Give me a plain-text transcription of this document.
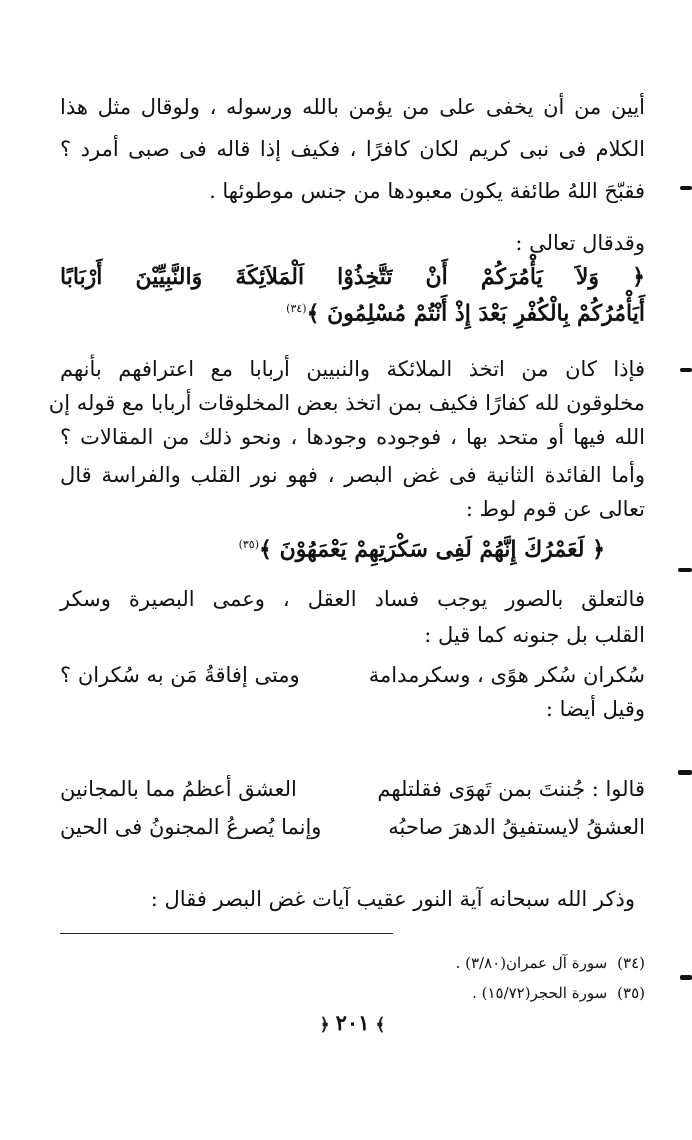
أيين من أن يخفى على من يؤمن بالله ورسوله ، ولوقال مثل هذا
الكلام فى نبى كريم لكان كافرًا ، فكيف إذا قاله فى صبى أمرد ؟
فقبّحَ اللهُ طائفة يكون معبودها من جنس موطوئها .
وقدقال تعالى :
﴿ وَلاَ يَأْمُرَكُمْ أَنْ تَتَّخِذُوْا اَلْمَلاَئِكَةَ وَالنَّبِيِّيْنَ أَرْبَابًا
أَيَأْمُرُكُمْ بِالْكُفْرِ بَعْدَ إِذْ أَنْتُمْ مُسْلِمُونَ ﴾$^{(٣٤)}$
فإذا كان من اتخذ الملائكة والنبيين أربابا مع اعترافهم بأنهم
مخلوقون لله كفارًا فكيف بمن اتخذ بعض المخلوقات أربابا مع قوله إن
الله فيها أو متحد بها ، فوجوده وجودها ، ونحو ذلك من المقالات ؟
وأما الفائدة الثانية فى غض البصر ، فهو نور القلب والفراسة قال
تعالى عن قوم لوط :
﴿ لَعَمْرُكَ إِنَّهُمْ لَفِى سَكْرَتِهِمْ يَعْمَهُوْنَ ﴾$^{(٣٥)}$
فالتعلق بالصور يوجب فساد العقل ، وعمى البصيرة وسكر
القلب بل جنونه كما قيل :
سُكران سُكر هوًى ، وسكرمدامة
ومتى إفاقةُ مَن به سُكران ؟
وقيل أيضا :
قالوا : جُننتَ بمن تَهوَى فقلتلهم
العشق أعظمُ مما بالمجانين
العشقُ لايستفيقُ الدهرَ صاحبُه
وإنما يُصرعُ المجنونُ فى الحين
وذكر الله سبحانه آية النور عقيب آيات غض البصر فقال :
(٣٤)سورة آل عمران(٣/٨٠) .
(٣٥)سورة الحجر(١٥/٧٢) .
﴿ ٢٠١ ﴾
